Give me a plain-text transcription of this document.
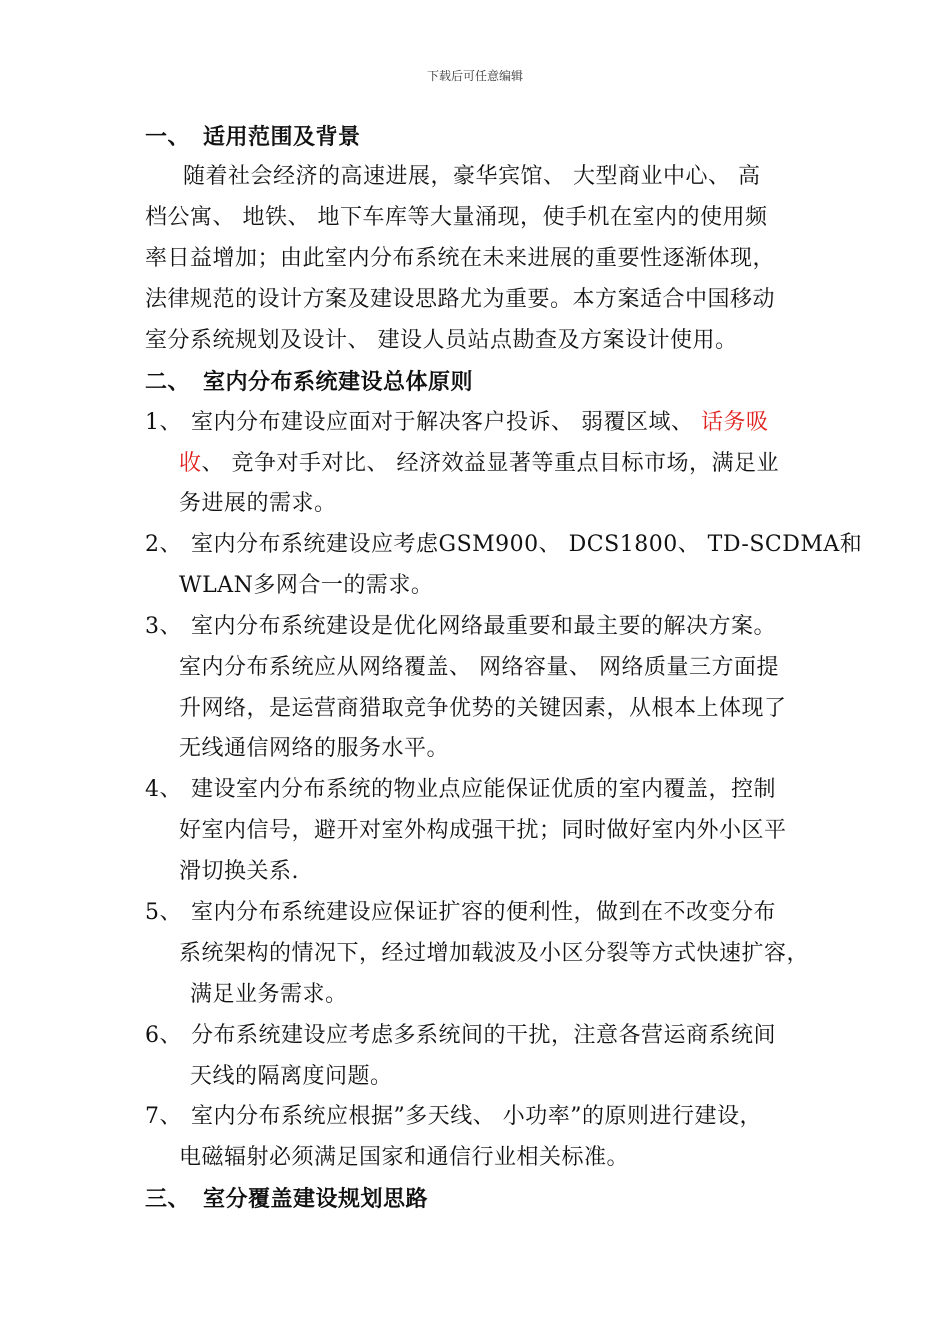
下载后可任意编辑
一、 适用范围及背景
随着社会经济的高速进展，豪华宾馆、 大型商业中心、 高
档公寓、 地铁、 地下车库等大量涌现，使手机在室内的使用频
率日益增加；由此室内分布系统在未来进展的重要性逐渐体现，
法律规范的设计方案及建设思路尤为重要。本方案适合中国移动
室分系统规划及设计、 建设人员站点勘查及方案设计使用。
二、 室内分布系统建设总体原则
1、 室内分布建设应面对于解决客户投诉、 弱覆区域、 话务吸
收、 竞争对手对比、 经济效益显著等重点目标市场，满足业
务进展的需求。
2、 室内分布系统建设应考虑GSM900、 DCS1800、 TD-SCDMA和
WLAN多网合一的需求。
3、 室内分布系统建设是优化网络最重要和最主要的解决方案。
室内分布系统应从网络覆盖、 网络容量、 网络质量三方面提
升网络，是运营商猎取竞争优势的关键因素，从根本上体现了
无线通信网络的服务水平。
4、 建设室内分布系统的物业点应能保证优质的室内覆盖，控制
好室内信号，避开对室外构成强干扰；同时做好室内外小区平
滑切换关系.
5、 室内分布系统建设应保证扩容的便利性，做到在不改变分布
系统架构的情况下，经过增加载波及小区分裂等方式快速扩容，
满足业务需求。
6、 分布系统建设应考虑多系统间的干扰，注意各营运商系统间
天线的隔离度问题。
7、 室内分布系统应根据”多天线、 小功率”的原则进行建设，
电磁辐射必须满足国家和通信行业相关标准。
三、 室分覆盖建设规划思路
